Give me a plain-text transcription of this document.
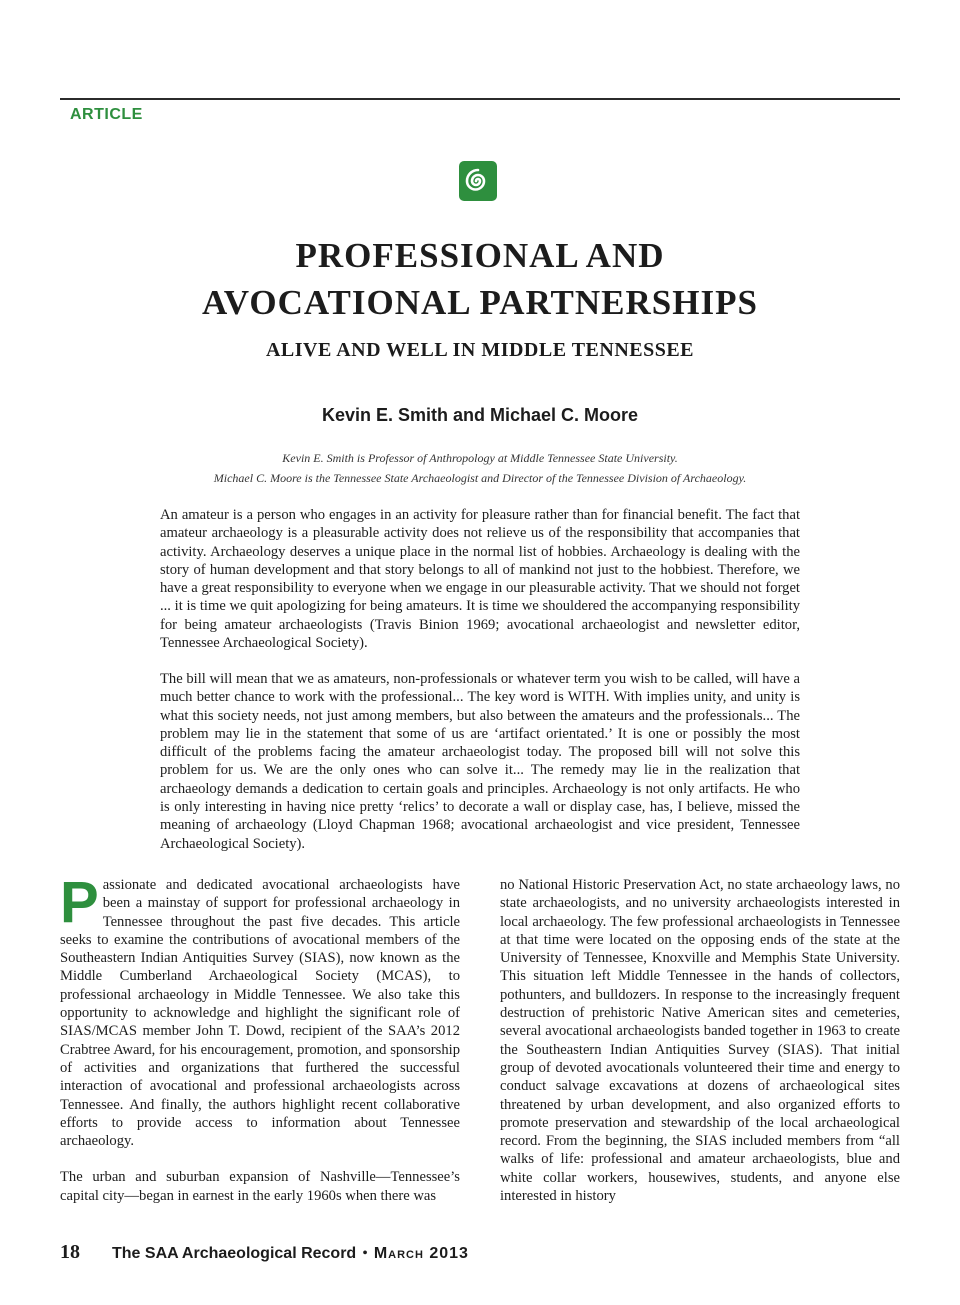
ARTICLE
PROFESSIONAL AND
AVOCATIONAL PARTNERSHIPS
ALIVE AND WELL IN MIDDLE TENNESSEE
Kevin E. Smith and Michael C. Moore

Kevin E. Smith is Professor of Anthropology at Middle Tennessee State University.

Michael C. Moore is the Tennessee State Archaeologist and Director of the Tennessee Division of Archaeology.

An amateur is a person who engages in an activity for pleasure rather than for financial benefit. The fact that amateur archaeology is a pleasurable activity does not relieve us of the responsibility that accompanies that activity. Archaeology deserves a unique place in the normal list of hobbies. Archaeology is dealing with the story of human development and that story belongs to all of mankind not just to the hobbiest. Therefore, we have a great responsibility to everyone when we engage in our pleasurable activity. That we should not forget ... it is time we quit apologizing for being amateurs. It is time we shouldered the accompanying responsibility for being amateur archaeologists (Travis Binion 1969; avocational archaeologist and newsletter editor, Tennessee Archaeological Society).

The bill will mean that we as amateurs, non-professionals or whatever term you wish to be called, will have a much better chance to work with the professional... The key word is WITH. With implies unity, and unity is what this society needs, not just among members, but also between the amateurs and the professionals... The problem may lie in the statement that some of us are ‘artifact orientated.’ It is one or possibly the most difficult of the problems facing the amateur archaeologist today. The proposed bill will not solve this problem for us. We are the only ones who can solve it... The remedy may lie in the realization that archaeology demands a dedication to certain goals and principles. Archaeology is not only artifacts. He who is only interesting in having nice pretty ‘relics’ to decorate a wall or display case, has, I believe, missed the meaning of archaeology (Lloyd Chapman 1968; avocational archaeologist and vice president, Tennessee Archaeological Society).

Passionate and dedicated avocational archaeologists have been a mainstay of support for professional archaeology in Tennessee throughout the past five decades. This article seeks to examine the contributions of avocational members of the Southeastern Indian Antiquities Survey (SIAS), now known as the Middle Cumberland Archaeological Society (MCAS), to professional archaeology in Middle Tennessee. We also take this opportunity to acknowledge and highlight the significant role of SIAS/MCAS member John T. Dowd, recipient of the SAA’s 2012 Crabtree Award, for his encouragement, promotion, and sponsorship of activities and organizations that furthered the successful interaction of avocational and professional archaeologists across Tennessee. And finally, the authors highlight recent collaborative efforts to provide access to information about Tennessee archaeology.

The urban and suburban expansion of Nashville—Tennessee’s capital city—began in earnest in the early 1960s when there was

no National Historic Preservation Act, no state archaeology laws, no state archaeologists, and no university archaeologists interested in local archaeology. The few professional archaeologists in Tennessee at that time were located on the opposing ends of the state at the University of Tennessee, Knoxville and Memphis State University. This situation left Middle Tennessee in the hands of collectors, pothunters, and bulldozers. In response to the increasingly frequent destruction of prehistoric Native American sites and cemeteries, several avocational archaeologists banded together in 1963 to create the Southeastern Indian Antiquities Survey (SIAS). That initial group of devoted avocationals volunteered their time and energy to conduct salvage excavations at dozens of archaeological sites threatened by urban development, and also organized efforts to promote preservation and stewardship of the local archaeological record. From the beginning, the SIAS included members from “all walks of life: professional and amateur archaeologists, blue and white collar workers, housewives, students, and anyone else interested in history

18 The SAA Archaeological Record • March 2013
